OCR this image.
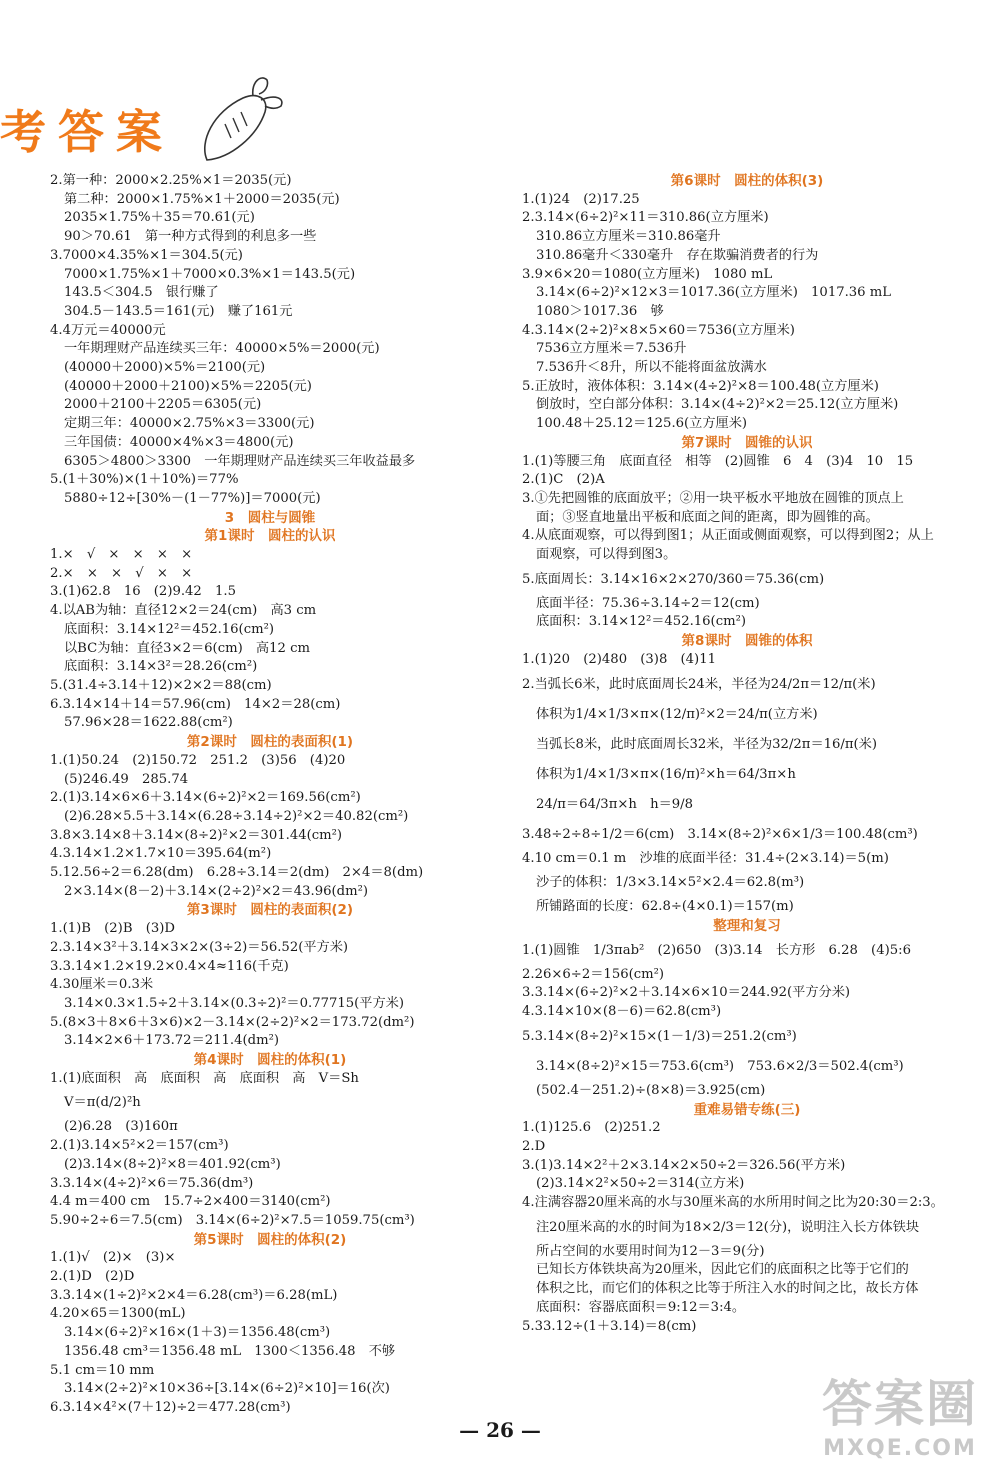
考答案
2.第一种：2000×2.25%×1＝2035(元)
第二种：2000×1.75%×1＋2000＝2035(元)
2035×1.75%＋35＝70.61(元)
90＞70.61　第一种方式得到的利息多一些
3.7000×4.35%×1＝304.5(元)
7000×1.75%×1＋7000×0.3%×1＝143.5(元)
143.5＜304.5　银行赚了
304.5－143.5＝161(元)　赚了161元
4.4万元＝40000元
一年期理财产品连续买三年：40000×5%＝2000(元)
(40000＋2000)×5%＝2100(元)
(40000＋2000＋2100)×5%＝2205(元)
2000＋2100＋2205＝6305(元)
定期三年：40000×2.75%×3＝3300(元)
三年国债：40000×4%×3＝4800(元)
6305＞4800＞3300　一年期理财产品连续买三年收益最多
5.(1＋30%)×(1＋10%)＝77%
5880÷12÷[30%－(1－77%)]＝7000(元)
3　圆柱与圆锥
第1课时　圆柱的认识
1.×　√　×　×　×　×
2.×　×　×　√　×　×
3.(1)62.8　16　(2)9.42　1.5
4.以AB为轴：直径12×2＝24(cm)　高3 cm
底面积：3.14×12²＝452.16(cm²)
以BC为轴：直径3×2＝6(cm)　高12 cm
底面积：3.14×3²＝28.26(cm²)
5.(31.4÷3.14＋12)×2×2＝88(cm)
6.3.14×14＋14＝57.96(cm)　14×2＝28(cm)
57.96×28＝1622.88(cm²)
第2课时　圆柱的表面积(1)
1.(1)50.24　(2)150.72　251.2　(3)56　(4)20
(5)246.49　285.74
2.(1)3.14×6×6＋3.14×(6÷2)²×2＝169.56(cm²)
(2)6.28×5.5＋3.14×(6.28÷3.14÷2)²×2＝40.82(cm²)
3.8×3.14×8＋3.14×(8÷2)²×2＝301.44(cm²)
4.3.14×1.2×1.7×10＝395.64(m²)
5.12.56÷2＝6.28(dm)　6.28÷3.14＝2(dm)　2×4＝8(dm)
2×3.14×(8－2)＋3.14×(2÷2)²×2＝43.96(dm²)
第3课时　圆柱的表面积(2)
1.(1)B　(2)B　(3)D
2.3.14×3²＋3.14×3×2×(3÷2)＝56.52(平方米)
3.3.14×1.2×19.2×0.4×4≈116(千克)
4.30厘米＝0.3米
3.14×0.3×1.5÷2＋3.14×(0.3÷2)²＝0.77715(平方米)
5.(8×3＋8×6＋3×6)×2－3.14×(2÷2)²×2＝173.72(dm²)
3.14×2×6＋173.72＝211.4(dm²)
第4课时　圆柱的体积(1)
1.(1)底面积　高　底面积　高　底面积　高　V＝Sh
V＝π(d/2)²h
(2)6.28　(3)160π
2.(1)3.14×5²×2＝157(cm³)
(2)3.14×(8÷2)²×8＝401.92(cm³)
3.3.14×(4÷2)²×6＝75.36(dm³)
4.4 m＝400 cm　15.7÷2×400＝3140(cm²)
5.90÷2÷6＝7.5(cm)　3.14×(6÷2)²×7.5＝1059.75(cm³)
第5课时　圆柱的体积(2)
1.(1)√　(2)×　(3)×
2.(1)D　(2)D
3.3.14×(1÷2)²×2×4＝6.28(cm³)＝6.28(mL)
4.20×65＝1300(mL)
3.14×(6÷2)²×16×(1＋3)＝1356.48(cm³)
1356.48 cm³＝1356.48 mL　1300＜1356.48　不够
5.1 cm＝10 mm
3.14×(2÷2)²×10×36÷[3.14×(6÷2)²×10]＝16(次)
6.3.14×4²×(7＋12)÷2＝477.28(cm³)
第6课时　圆柱的体积(3)
1.(1)24　(2)17.25
2.3.14×(6÷2)²×11＝310.86(立方厘米)
310.86立方厘米＝310.86毫升
310.86毫升＜330毫升　存在欺骗消费者的行为
3.9×6×20＝1080(立方厘米)　1080 mL
3.14×(6÷2)²×12×3＝1017.36(立方厘米)　1017.36 mL
1080＞1017.36　够
4.3.14×(2÷2)²×8×5×60＝7536(立方厘米)
7536立方厘米＝7.536升
7.536升＜8升，所以不能将面盆放满水
5.正放时，液体体积：3.14×(4÷2)²×8＝100.48(立方厘米)
倒放时，空白部分体积：3.14×(4÷2)²×2＝25.12(立方厘米)
100.48＋25.12＝125.6(立方厘米)
第7课时　圆锥的认识
1.(1)等腰三角　底面直径　相等　(2)圆锥　6　4　(3)4　10　15
2.(1)C　(2)A
3.①先把圆锥的底面放平；②用一块平板水平地放在圆锥的顶点上
面；③竖直地量出平板和底面之间的距离，即为圆锥的高。
4.从底面观察，可以得到图1；从正面或侧面观察，可以得到图2；从上
面观察，可以得到图3。
5.底面周长：3.14×16×2×270/360＝75.36(cm)
底面半径：75.36÷3.14÷2＝12(cm)
底面积：3.14×12²＝452.16(cm²)
第8课时　圆锥的体积
1.(1)20　(2)480　(3)8　(4)11
2.当弧长6米，此时底面周长24米，半径为24/2π＝12/π(米)
体积为1/4×1/3×π×(12/π)²×2＝24/π(立方米)
当弧长8米，此时底面周长32米，半径为32/2π＝16/π(米)
体积为1/4×1/3×π×(16/π)²×h＝64/3π×h
24/π＝64/3π×h　h＝9/8
3.48÷2÷8÷1/2＝6(cm)　3.14×(8÷2)²×6×1/3＝100.48(cm³)
4.10 cm＝0.1 m　沙堆的底面半径：31.4÷(2×3.14)＝5(m)
沙子的体积：1/3×3.14×5²×2.4＝62.8(m³)
所铺路面的长度：62.8÷(4×0.1)＝157(m)
整理和复习
1.(1)圆锥　1/3πab²　(2)650　(3)3.14　长方形　6.28　(4)5:6
2.26×6÷2＝156(cm²)
3.3.14×(6÷2)²×2＋3.14×6×10＝244.92(平方分米)
4.3.14×10×(8－6)＝62.8(cm³)
5.3.14×(8÷2)²×15×(1－1/3)＝251.2(cm³)
3.14×(8÷2)²×15＝753.6(cm³)　753.6×2/3＝502.4(cm³)
(502.4－251.2)÷(8×8)＝3.925(cm)
重难易错专练(三)
1.(1)125.6　(2)251.2
2.D
3.(1)3.14×2²＋2×3.14×2×50÷2＝326.56(平方米)
(2)3.14×2²×50÷2＝314(立方米)
4.注满容器20厘米高的水与30厘米高的水所用时间之比为20:30＝2:3。
注20厘米高的水的时间为18×2/3＝12(分)，说明注入长方体铁块
所占空间的水要用时间为12－3＝9(分)
已知长方体铁块高为20厘米，因此它们的底面积之比等于它们的
体积之比，而它们的体积之比等于所注入水的时间之比，故长方体
底面积：容器底面积＝9:12＝3:4。
5.33.12÷(1＋3.14)＝8(cm)
— 26 —	答案圈
MXQE.COM
